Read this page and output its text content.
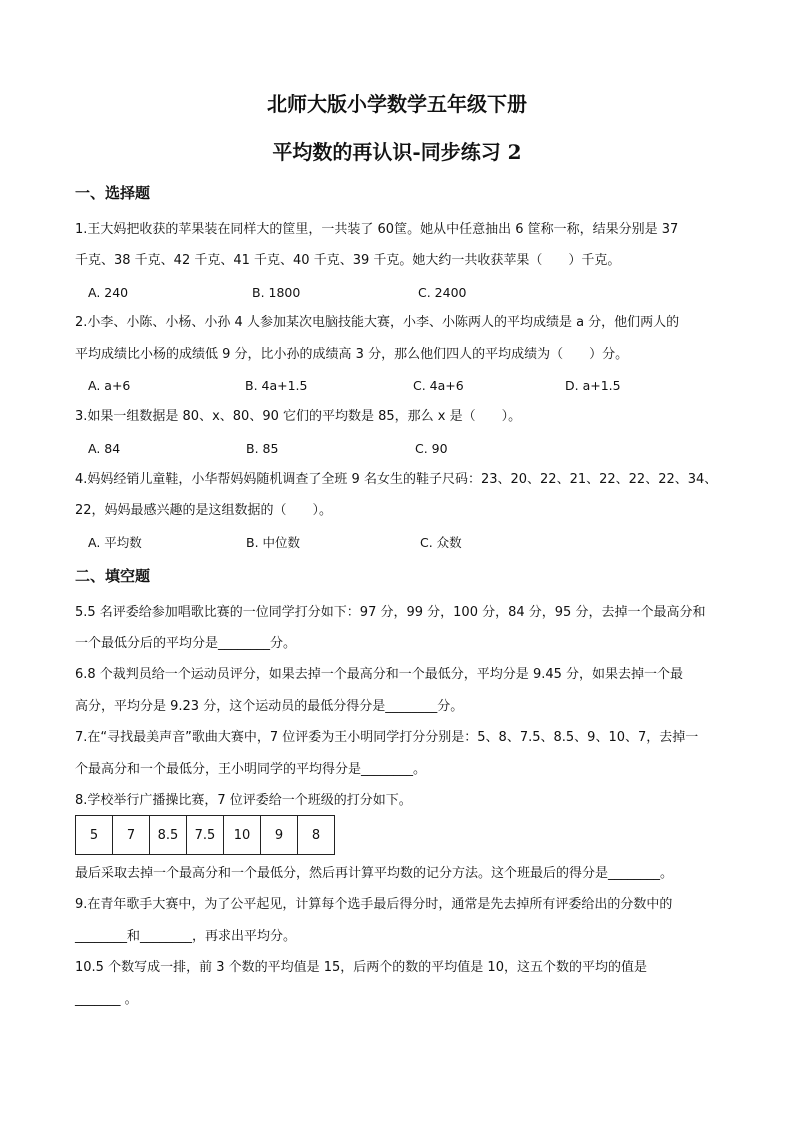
北师大版小学数学五年级下册
平均数的再认识-同步练习 2
一、选择题
1.王大妈把收获的苹果装在同样大的筐里，一共装了 60筐。她从中任意抽出 6 筐称一称，结果分别是 37
千克、38 千克、42 千克、41 千克、40 千克、39 千克。她大约一共收获苹果（　　）千克。
A. 240	B. 1800	C. 2400
2.小李、小陈、小杨、小孙 4 人参加某次电脑技能大赛，小李、小陈两人的平均成绩是 a 分，他们两人的
平均成绩比小杨的成绩低 9 分，比小孙的成绩高 3 分，那么他们四人的平均成绩为（　　）分。
A. a+6	B. 4a+1.5	C. 4a+6	D. a+1.5
3.如果一组数据是 80、x、80、90 它们的平均数是 85，那么 x 是（　　）。
A. 84	B. 85	C. 90
4.妈妈经销儿童鞋，小华帮妈妈随机调查了全班 9 名女生的鞋子尺码：23、20、22、21、22、22、22、34、
22，妈妈最感兴趣的是这组数据的（　　）。
A. 平均数	B. 中位数	C. 众数
二、填空题
5.5 名评委给参加唱歌比赛的一位同学打分如下：97 分，99 分，100 分，84 分，95 分，去掉一个最高分和
一个最低分后的平均分是________分。
6.8 个裁判员给一个运动员评分，如果去掉一个最高分和一个最低分，平均分是 9.45 分，如果去掉一个最
高分，平均分是 9.23 分，这个运动员的最低分得分是________分。
7.在“寻找最美声音”歌曲大赛中，7 位评委为王小明同学打分分别是：5、8、7.5、8.5、9、10、7，去掉一
个最高分和一个最低分，王小明同学的平均得分是________。
8.学校举行广播操比赛，7 位评委给一个班级的打分如下。
5	7	8.5	7.5	10	9	8
最后采取去掉一个最高分和一个最低分，然后再计算平均数的记分方法。这个班最后的得分是________。
9.在青年歌手大赛中，为了公平起见，计算每个选手最后得分时，通常是先去掉所有评委给出的分数中的
________和________，再求出平均分。
10.5 个数写成一排，前 3 个数的平均值是 15，后两个的数的平均值是 10，这五个数的平均的值是
_______ 。
